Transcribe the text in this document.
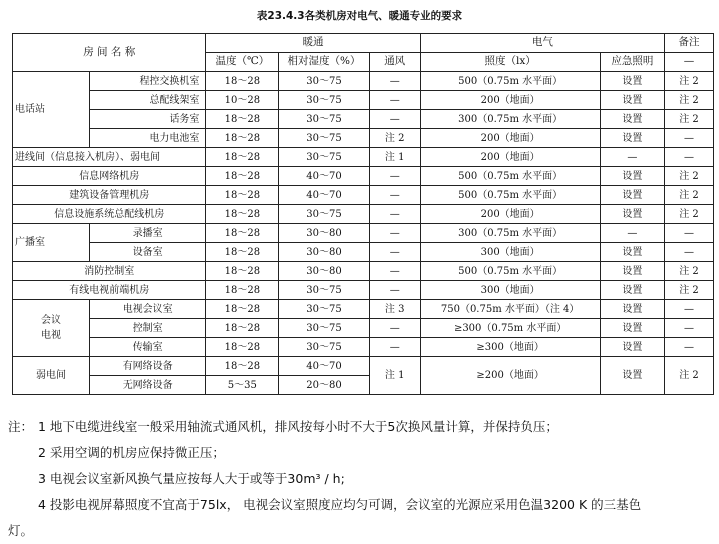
表23.4.3各类机房对电气、暖通专业的要求
房 间 名 称		暖通			电气		备注
		温度（℃）	相对湿度（%）	通风	照度（lx）	应急照明	—
电话站	程控交换机室	18～28	30～75	—	500（0.75m 水平面）	设置	注 2
	总配线架室	10～28	30～75	—	200（地面）	设置	注 2
	话务室	18～28	30～75	—	300（0.75m 水平面）	设置	注 2
	电力电池室	18～28	30～75	注 2	200（地面）	设置	—
进线间（信息接入机房）、弱电间		18～28	30～75	注 1	200（地面）	—	—
信息网络机房		18～28	40～70	—	500（0.75m 水平面）	设置	注 2
建筑设备管理机房		18～28	40～70	—	500（0.75m 水平面）	设置	注 2
信息设施系统总配线机房		18～28	30～75	—	200（地面）	设置	注 2
广播室	录播室	18～28	30～80	—	300（0.75m 水平面）	—	—
	设备室	18～28	30～80	—	300（地面）	设置	—
消防控制室		18～28	30～80	—	500（0.75m 水平面）	设置	注 2
有线电视前端机房		18～28	30～75	—	300（地面）	设置	注 2
会议
电视	电视会议室	18～28	30～75	注 3	750（0.75m 水平面）（注 4）	设置	—
	控制室	18～28	30～75	—	≥300（0.75m 水平面）	设置	—
	传输室	18～28	30～75	—	≥300（地面）	设置	—
弱电间	有网络设备	18～28	40～70	注 1	≥200（地面）	设置	注 2
	无网络设备	5～35	20～80				
注： 1 地下电缆进线室一般采用轴流式通风机，排风按每小时不大于5次换风量计算，并保持负压；
2 采用空调的机房应保持微正压；
3 电视会议室新风换气量应按每人大于或等于30m³ / h;
4 投影电视屏幕照度不宜高于75lx， 电视会议室照度应均匀可调，会议室的光源应采用色温3200 K 的三基色
灯。
